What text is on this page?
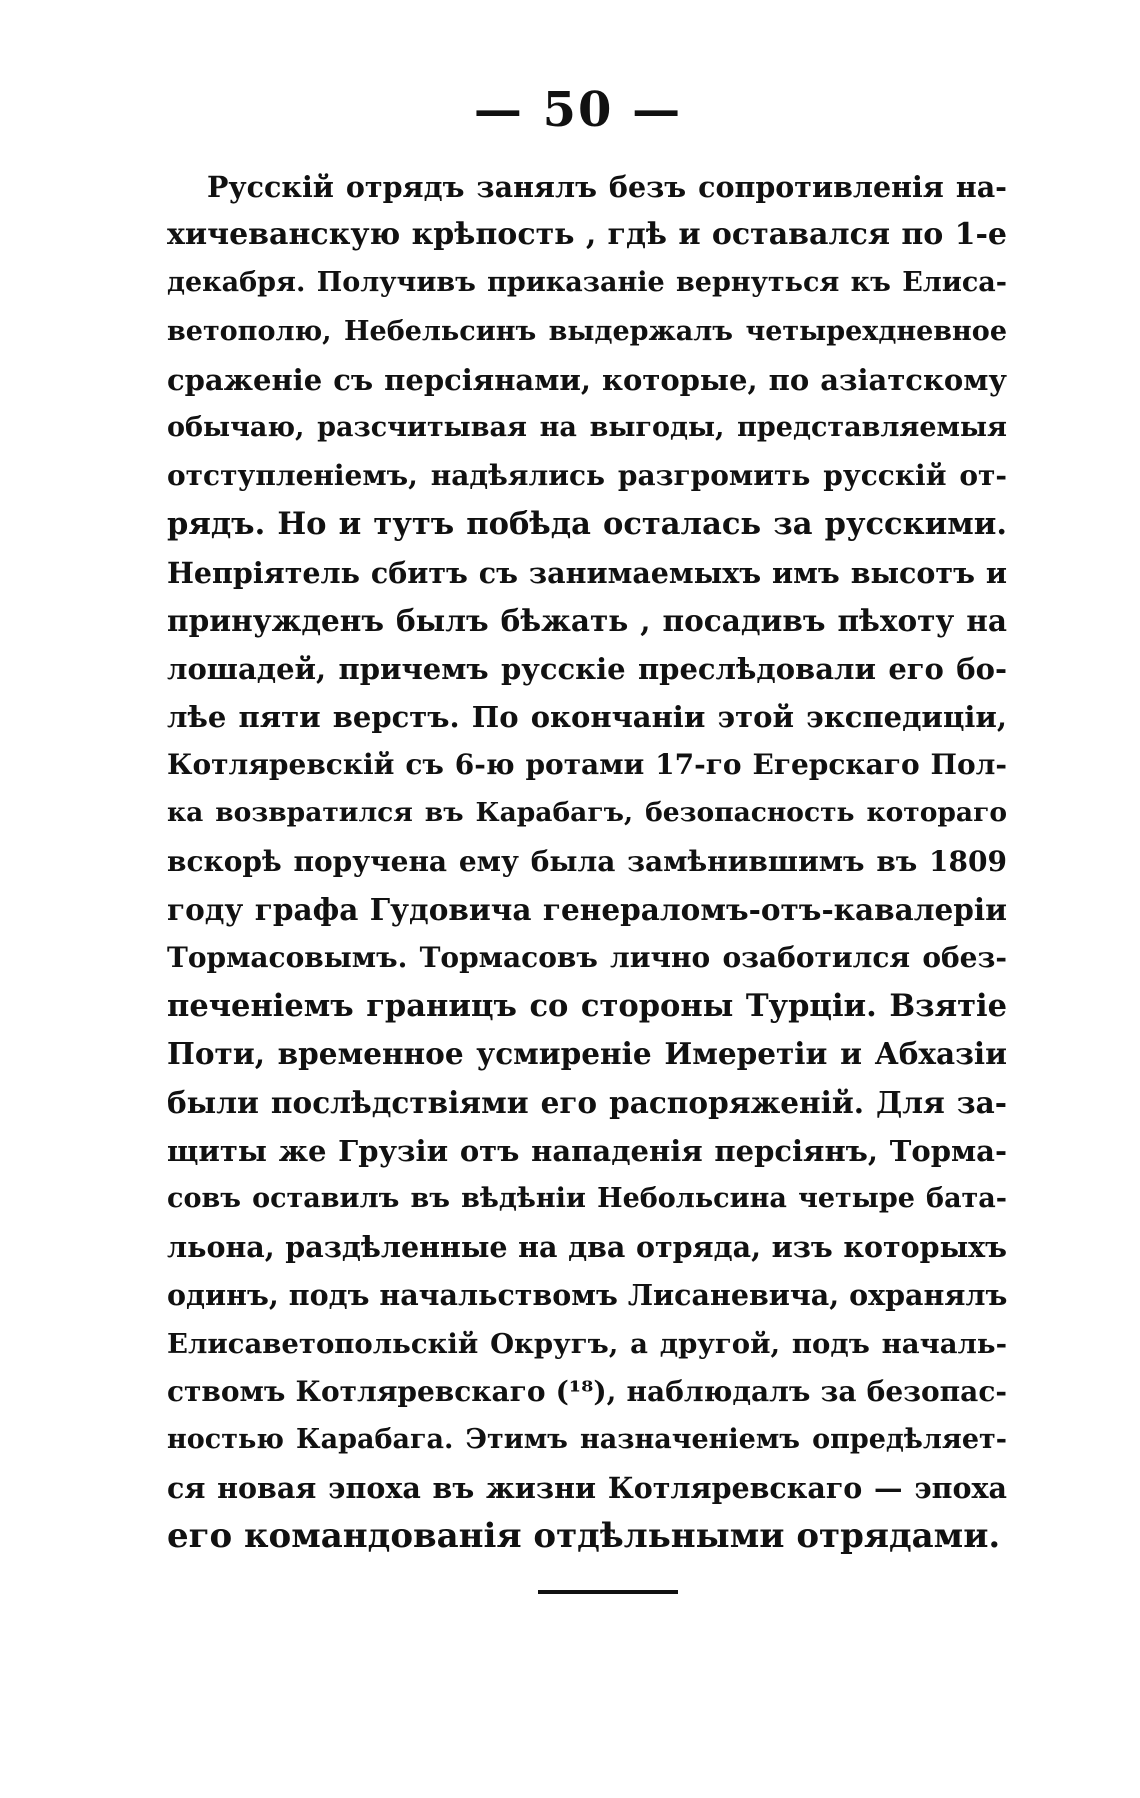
— 50 —
Русскій отрядъ занялъ безъ сопротивленія на-
хичеванскую крѣпость , гдѣ и оставался по 1-е
декабря. Получивъ приказаніе вернуться къ Елиса-
ветополю, Небельсинъ выдержалъ четырехдневное
сраженіе съ персіянами, которые, по азіатскому
обычаю, разсчитывая на выгоды, представляемыя
отступленіемъ, надѣялись разгромить русскій от-
рядъ. Но и тутъ побѣда осталась за русскими.
Непріятель сбитъ съ занимаемыхъ имъ высотъ и
принужденъ былъ бѣжать , посадивъ пѣхоту на
лошадей, причемъ русскіе преслѣдовали его бо-
лѣе пяти верстъ. По окончаніи этой экспедиціи,
Котляревскій съ 6-ю ротами 17-го Егерскаго Пол-
ка возвратился въ Карабагъ, безопасность котораго
вскорѣ поручена ему была замѣнившимъ въ 1809
году графа Гудовича генераломъ-отъ-кавалеріи
Тормасовымъ. Тормасовъ лично озаботился обез-
печеніемъ границъ со стороны Турціи. Взятіе
Поти, временное усмиреніе Имеретіи и Абхазіи
были послѣдствіями его распоряженій. Для за-
щиты же Грузіи отъ нападенія персіянъ, Торма-
совъ оставилъ въ вѣдѣніи Небольсина четыре бата-
льона, раздѣленные на два отряда, изъ которыхъ
одинъ, подъ начальствомъ Лисаневича, охранялъ
Елисаветопольскій Округъ, а другой, подъ началь-
ствомъ Котляревскаго (¹⁸), наблюдалъ за безопас-
ностью Карабага. Этимъ назначеніемъ опредѣляет-
ся новая эпоха въ жизни Котляревскаго — эпоха
его командованія отдѣльными отрядами.
